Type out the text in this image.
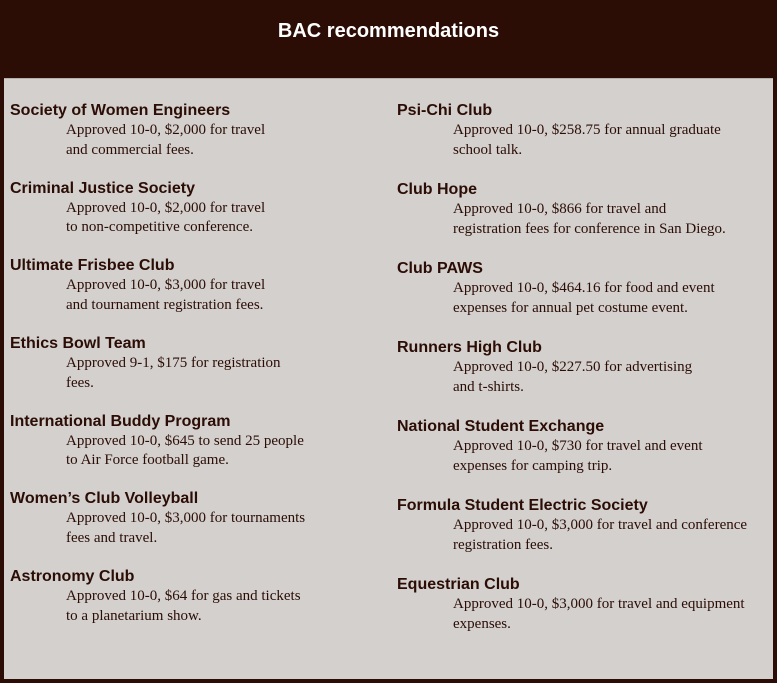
BAC recommendations
Society of Women Engineers
Approved 10-0, $2,000 for travel
and commercial fees.
Criminal Justice Society
Approved 10-0, $2,000 for travel
to non-competitive conference.
Ultimate Frisbee Club
Approved 10-0, $3,000 for travel
and tournament registration fees.
Ethics Bowl Team
Approved 9-1, $175 for registration
fees.
International Buddy Program
Approved 10-0, $645 to send 25 people
to Air Force football game.
Women’s Club Volleyball
Approved 10-0, $3,000 for tournaments
fees and travel.
Astronomy Club
Approved 10-0, $64 for gas and tickets
to a planetarium show.
Psi-Chi Club
Approved 10-0, $258.75 for annual graduate
school talk.
Club Hope
Approved 10-0, $866 for travel and
registration fees for conference in San Diego.
Club PAWS
Approved 10-0, $464.16 for food and event
expenses for annual pet costume event.
Runners High Club
Approved 10-0, $227.50 for advertising
and t-shirts.
National Student Exchange
Approved 10-0, $730 for travel and event
expenses for camping trip.
Formula Student Electric Society
Approved 10-0, $3,000 for travel and conference
registration fees.
Equestrian Club
Approved 10-0, $3,000 for travel and equipment
expenses.
